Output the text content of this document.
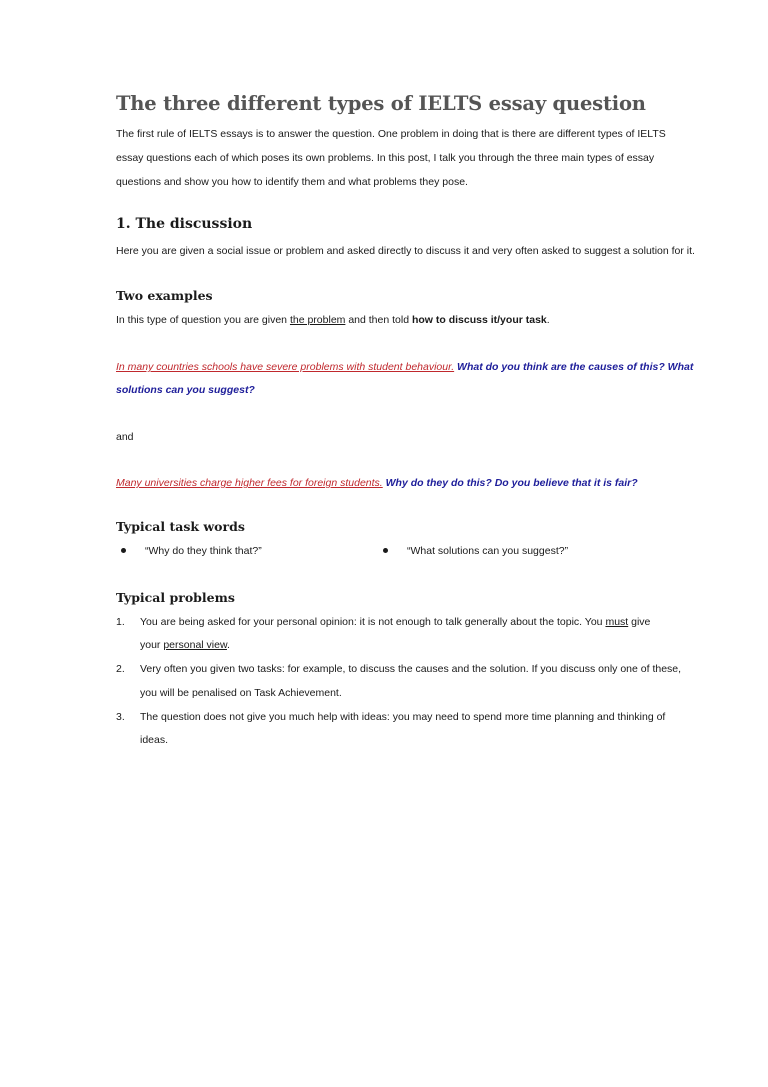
The three different types of IELTS essay question
The first rule of IELTS essays is to answer the question. One problem in doing that is there are different types of IELTS
essay questions each of which poses its own problems. In this post, I talk you through the three main types of essay
questions and show you how to identify them and what problems they pose.
1. The discussion
Here you are given a social issue or problem and asked directly to discuss it and very often asked to suggest a solution for it.
Two examples
In this type of question you are given the problem and then told how to discuss it/your task.
In many countries schools have severe problems with student behaviour. What do you think are the causes of this? What
solutions can you suggest?
and
Many universities charge higher fees for foreign students. Why do they do this? Do you believe that it is fair?
Typical task words
“Why do they think that?”	“What solutions can you suggest?”
Typical problems
1. You are being asked for your personal opinion: it is not enough to talk generally about the topic. You must give
your personal view.
2. Very often you given two tasks: for example, to discuss the causes and the solution. If you discuss only one of these,
you will be penalised on Task Achievement.
3. The question does not give you much help with ideas: you may need to spend more time planning and thinking of
ideas.
